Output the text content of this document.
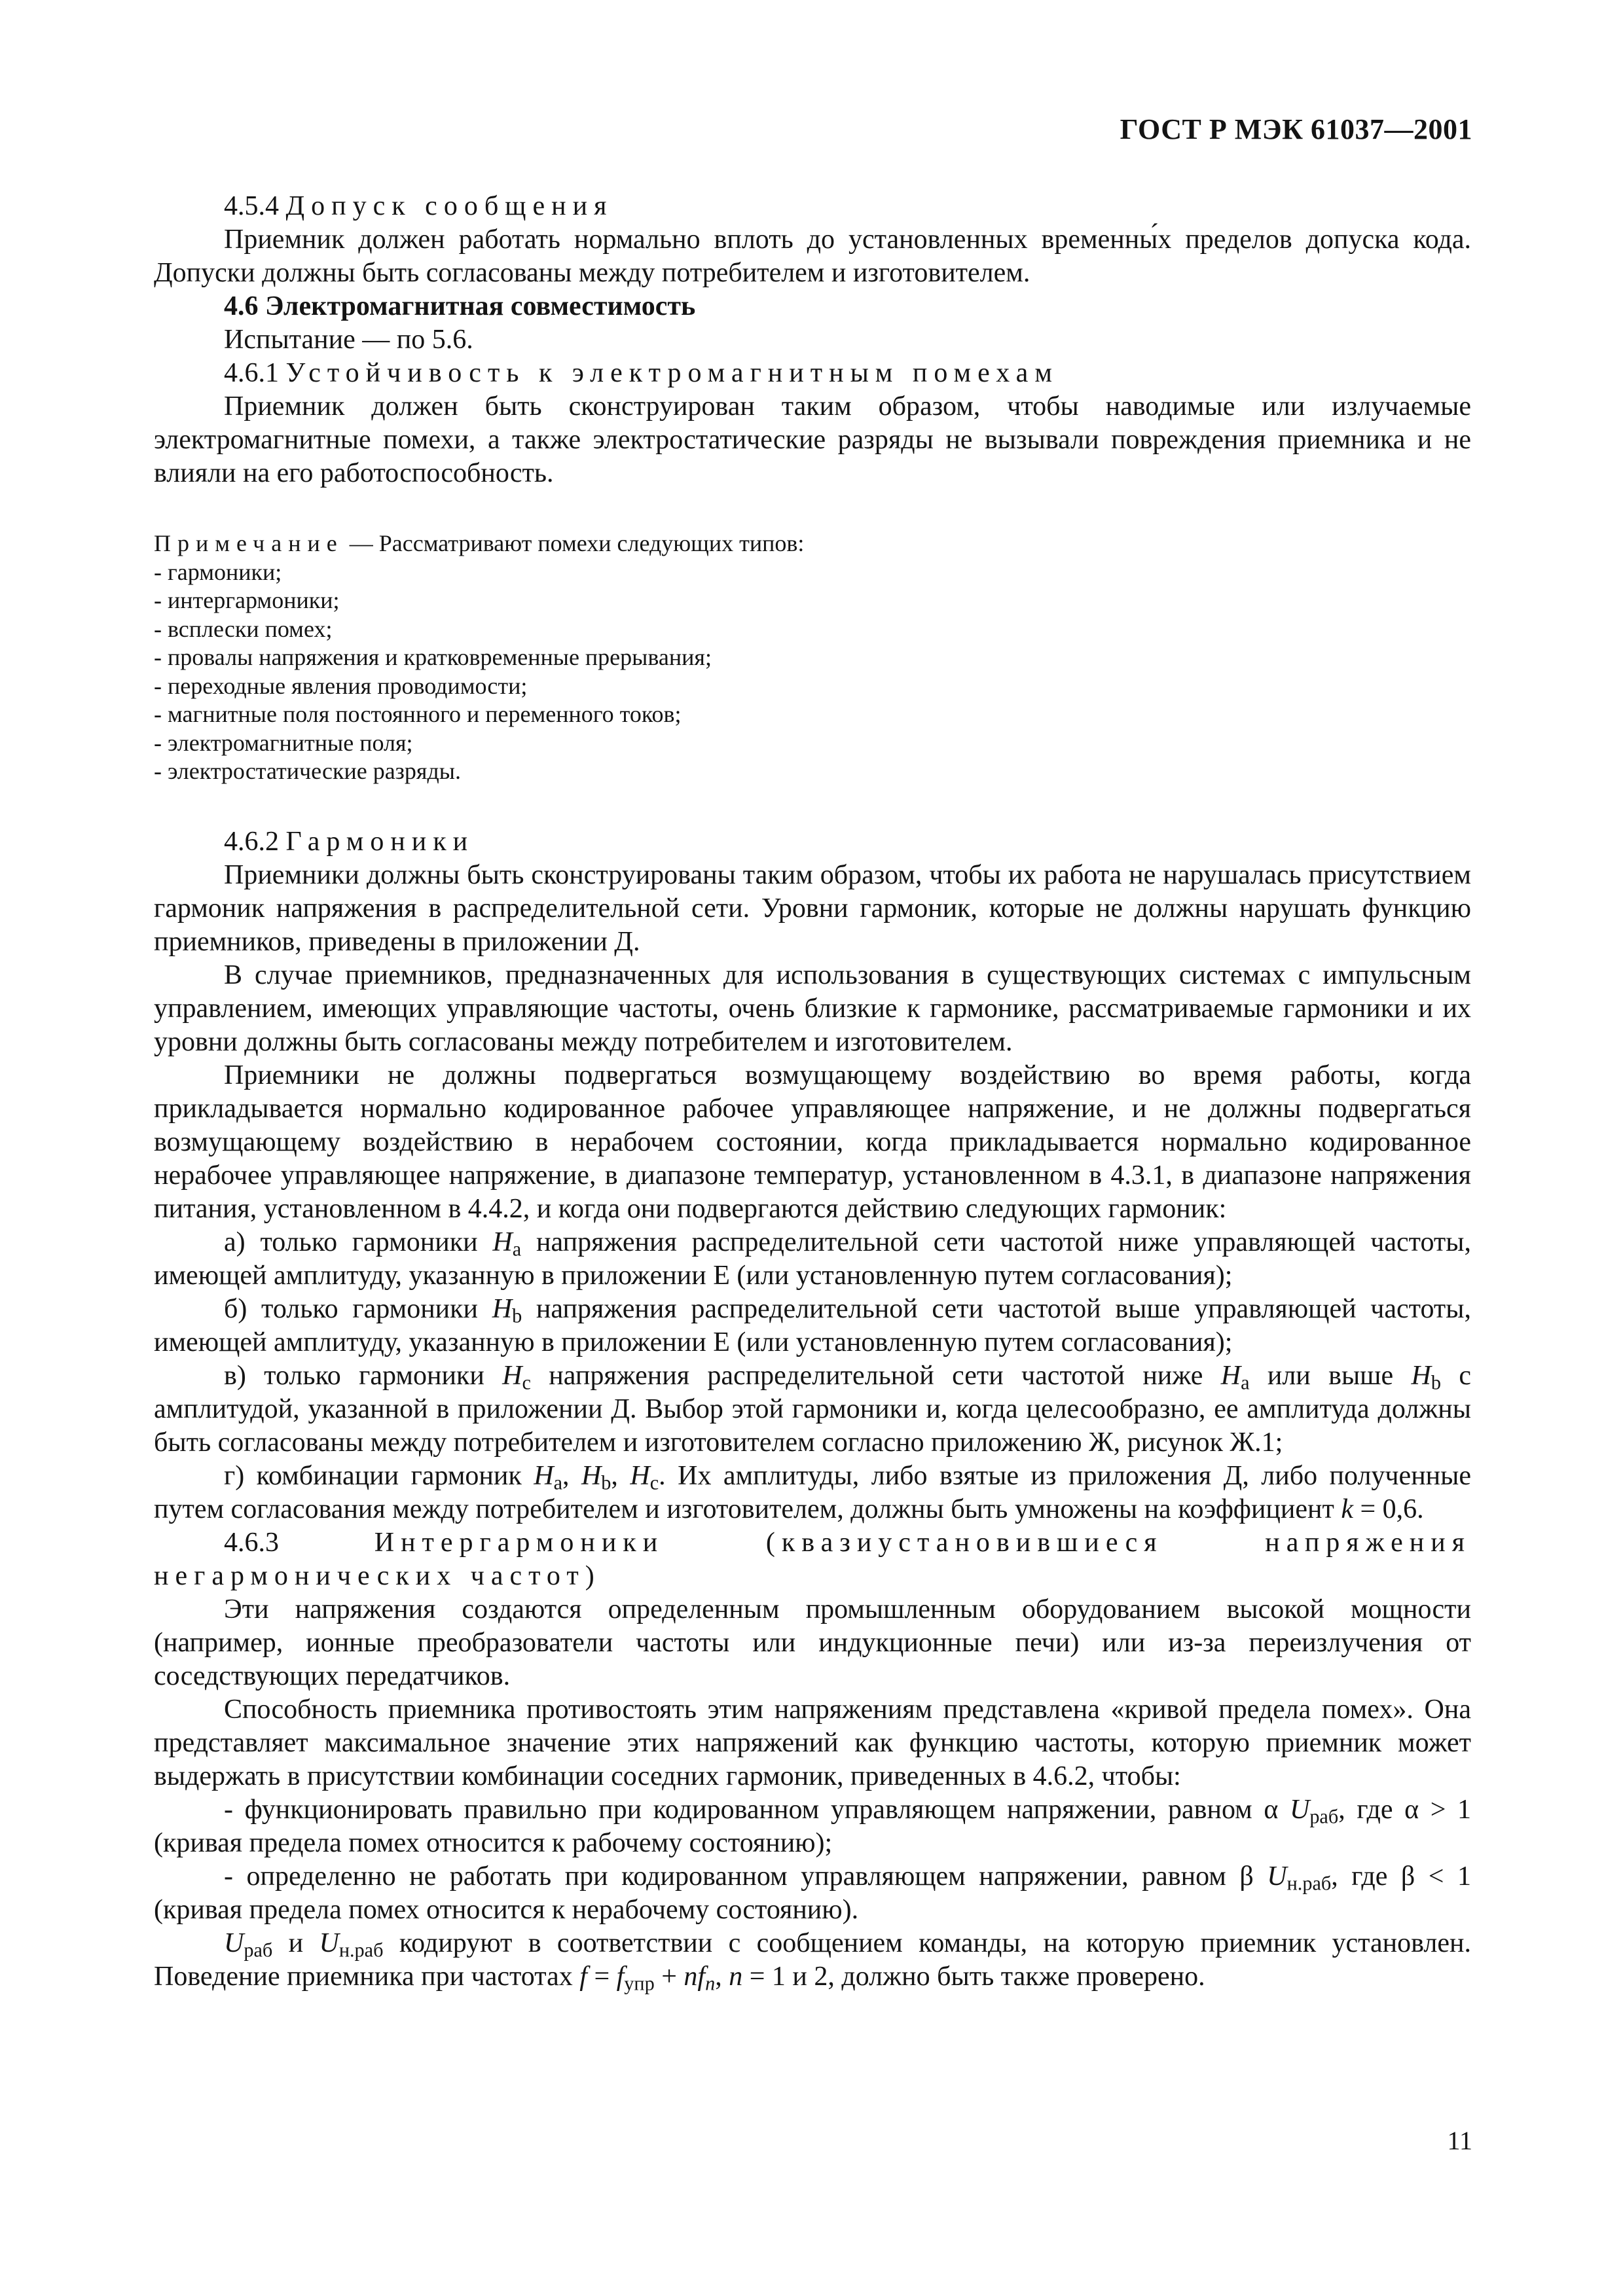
ГОСТ Р МЭК 61037—2001

4.5.4 Допуск сообщения

Приемник должен работать нормально вплоть до установленных временны́х пределов допуска кода. Допуски должны быть согласованы между потребителем и изготовителем.

4.6 Электромагнитная совместимость

Испытание — по 5.6.

4.6.1 Устойчивость к электромагнитным помехам

Приемник должен быть сконструирован таким образом, чтобы наводимые или излучаемые электромагнитные помехи, а также электростатические разряды не вызывали повреждения приемника и не влияли на его работоспособность.

Примечание — Рассматривают помехи следующих типов:

- гармоники;

- интергармоники;

- всплески помех;

- провалы напряжения и кратковременные прерывания;

- переходные явления проводимости;

- магнитные поля постоянного и переменного токов;

- электромагнитные поля;

- электростатические разряды.

4.6.2 Гармоники

Приемники должны быть сконструированы таким образом, чтобы их работа не нарушалась присутствием гармоник напряжения в распределительной сети. Уровни гармоник, которые не должны нарушать функцию приемников, приведены в приложении Д.

В случае приемников, предназначенных для использования в существующих системах с импульсным управлением, имеющих управляющие частоты, очень близкие к гармонике, рассматриваемые гармоники и их уровни должны быть согласованы между потребителем и изготовителем.

Приемники не должны подвергаться возмущающему воздействию во время работы, когда прикладывается нормально кодированное рабочее управляющее напряжение, и не должны подвергаться возмущающему воздействию в нерабочем состоянии, когда прикладывается нормально кодированное нерабочее управляющее напряжение, в диапазоне температур, установленном в 4.3.1, в диапазоне напряжения питания, установленном в 4.4.2, и когда они подвергаются действию следующих гармоник:

а) только гармоники $H_a$ напряжения распределительной сети частотой ниже управляющей частоты, имеющей амплитуду, указанную в приложении Е (или установленную путем согласования);

б) только гармоники $H_b$ напряжения распределительной сети частотой выше управляющей частоты, имеющей амплитуду, указанную в приложении Е (или установленную путем согласования);

в) только гармоники $H_c$ напряжения распределительной сети частотой ниже $H_a$ или выше $H_b$ с амплитудой, указанной в приложении Д. Выбор этой гармоники и, когда целесообразно, ее амплитуда должны быть согласованы между потребителем и изготовителем согласно приложению Ж, рисунок Ж.1;

г) комбинации гармоник $H_a$, $H_b$, $H_c$. Их амплитуды, либо взятые из приложения Д, либо полученные путем согласования между потребителем и изготовителем, должны быть умножены на коэффициент k = 0,6.

4.6.3	Интергармоники (квазиустановившиеся напряжения негармонических частот)

Эти напряжения создаются определенным промышленным оборудованием высокой мощности (например, ионные преобразователи частоты или индукционные печи) или из-за переизлучения от соседствующих передатчиков.

Способность приемника противостоять этим напряжениям представлена «кривой предела помех». Она представляет максимальное значение этих напряжений как функцию частоты, которую приемник может выдержать в присутствии комбинации соседних гармоник, приведенных в 4.6.2, чтобы:

- функционировать правильно при кодированном управляющем напряжении, равном α $U_{раб}$, где α > 1 (кривая предела помех относится к рабочему состоянию);

- определенно не работать при кодированном управляющем напряжении, равном β $U_{н.раб}$, где β < 1 (кривая предела помех относится к нерабочему состоянию).

$U_{раб}$ и $U_{н.раб}$ кодируют в соответствии с сообщением команды, на которую приемник установлен. Поведение приемника при частотах $f = f_{упр} + nf_n$, n = 1 и 2, должно быть также проверено.

11
